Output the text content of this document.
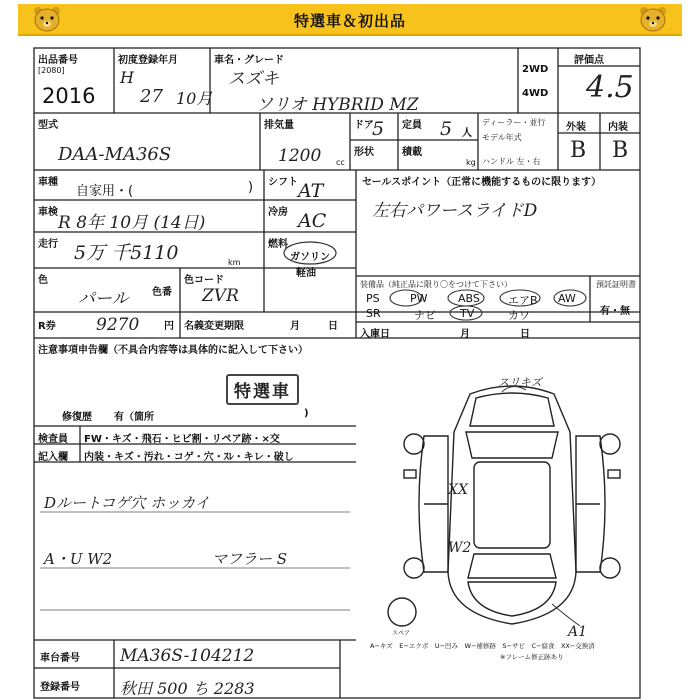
特選車＆初出品
出品番号
[2080]
2016
初度登録年月
H
27 10月
車名・グレード
スズキ
ソリオ HYBRID MZ
2WD
4WD
評価点
4.5
型式
DAA-MA36S
排気量
1200 cc
ドア
5 定員 5 人
形状	積載
kg
ディーラー・並行
モデル年式
ハンドル 左・右
外装 内装
B B
車種
自家用・(	) シフト AT
車検
R 8年 10月 (14日)
冷房 AC
走行 5万 千5110	km
燃料
ガソリン
軽油
色
パール 色番
色コード
ZVR
R券 9270 円 名義変更期限	月	日
セールスポイント（正常に機能するものに限ります）
左右パワースライドD
装備品（純正品に限り〇をつけて下さい）	預託証明書
有・無
PS	PW	ABS	エアB AW
SR	ナビ TV	カワ
入庫日	月	日
注意事項申告欄（不具合内容等は具体的に記入して下さい）
特選車
修復歴 有（箇所	)
検査員 FW・キズ・飛石・ヒビ割・リペア跡・×交
記入欄 内装・キズ・汚れ・コゲ・穴・ｽﾚ・キレ・破し
Dルートコゲ穴 ホッカイ
A・U W2	マフラー S
スリキズ
XX
W2
A1
スペア
A−キズ　E−エクボ　U−凹み　W−補修跡　S−サビ　C−腐食　XX−交換済
※フレーム修正跡あり
車台番号 MA36S-104212
登録番号	秋田 500 ち 2283
